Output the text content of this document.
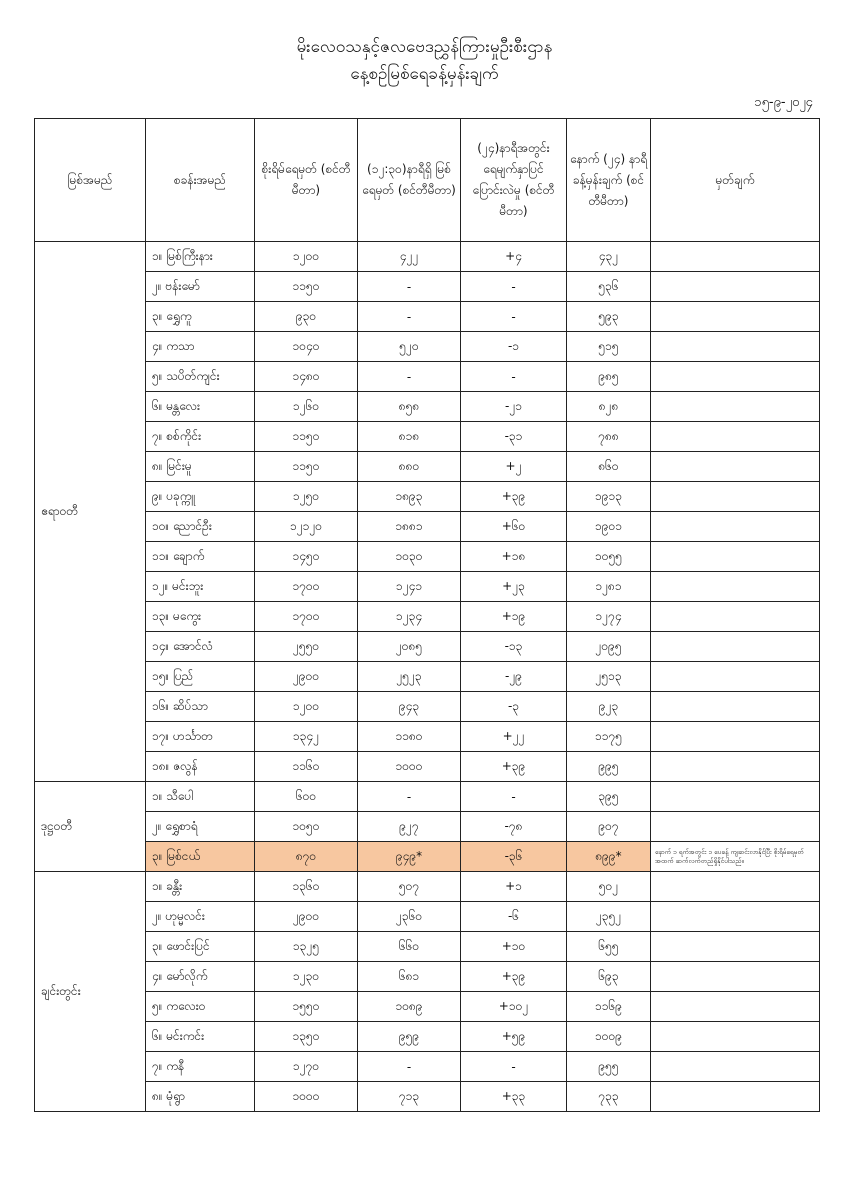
မိုးလေဝသနှင့်ဇလဗေဒညွှန်ကြားမှုဦးစီးဌာန
နေ့စဉ်မြစ်ရေခန့်မှန်းချက်
၁၅-၉-၂၀၂၄
မြစ်အမည်	စခန်းအမည်	စိုးရိမ်ရေမှတ် (စင်တီမီတာ)	(၁၂:၃၀)နာရီရှိ မြစ်ရေမှတ် (စင်တီမီတာ)	(၂၄)နာရီအတွင်း ရေမျက်နှာပြင် ပြောင်းလဲမှု (စင်တီမီတာ)	နောက် (၂၄) နာရီ ခန့်မှန်းချက် (စင်တီမီတာ)	မှတ်ချက်
ဧရာဝတီ	၁။ မြစ်ကြီးနား	၁၂၀၀	၄၂၂	+၄	၄၃၂	
	၂။ ဗန်းမော်	၁၁၅၀	-	-	၅၃၆	
	၃။ ရွှေကူ	၉၃၀	-	-	၅၉၃	
	၄။ ကသာ	၁၀၄၀	၅၂၀	-၁	၅၁၅	
	၅။ သပိတ်ကျင်း	၁၄၈၀	-	-	၉၈၅	
	၆။ မန္တလေး	၁၂၆၀	၈၅၈	-၂၁	၈၂၈	
	၇။ စစ်ကိုင်း	၁၁၅၀	၈၁၈	-၃၁	၇၈၈	
	၈။ မြင်းမူ	၁၁၅၀	၈၈၀	+၂	၈၆၀	
	၉။ ပခုက္ကူ	၁၂၅၀	၁၈၉၃	+၃၉	၁၉၁၃	
	၁၀။ ညောင်ဦး	၁၂၁၂၀	၁၈၈၁	+၆၀	၁၉၀၁	
	၁၁။ ချောက်	၁၄၅၀	၁၀၃၀	+၁၈	၁၀၅၅	
	၁၂။ မင်းဘူး	၁၇၀၀	၁၂၄၁	+၂၃	၁၂၈၁	
	၁၃။ မကွေး	၁၇၀၀	၁၂၃၄	+၁၉	၁၂၇၄	
	၁၄။ အောင်လံ	၂၅၅၀	၂၀၈၅	-၁၃	၂၀၉၅	
	၁၅။ ပြည်	၂၉၀၀	၂၅၂၃	-၂၉	၂၅၁၃	
	၁၆။ ဆိပ်သာ	၁၂၀၀	၉၄၃	-၃	၉၂၃	
	၁၇။ ဟင်္သာတ	၁၃၄၂	၁၁၈၀	+၂၂	၁၁၇၅	
	၁၈။ ဇလွန်	၁၁၆၀	၁၀၀၀	+၃၉	၉၉၅	
ဒုဋ္ဌဝတီ	၁။ သီပေါ	၆၀၀	-	-	၃၉၅	
	၂။ ရွှေစာရံ	၁၀၅၀	၉၂၇	-၇၈	၉၀၇	
	၃။ မြစ်ငယ်	၈၇၀	၉၄၉*	-၃၆	၈၉၉*	နောက် ၁ ရက်အတွင်း ၁ ပေခန့် ကျဆင်းလာနိုင်ပြီး စိုးရိမ်ရေမှတ်အထက် ဆက်လက်တည်ရှိနိုင်ပါသည်။
ချင်းတွင်း	၁။ ခန္တီး	၁၃၆၀	၅၀၇	+၁	၅၀၂	
	၂။ ဟုမ္မလင်း	၂၉၀၀	၂၃၆၀	-၆	၂၃၅၂	
	၃။ ဖောင်းပြင်	၁၃၂၅	၆၆၀	+၁၀	၆၅၅	
	၄။ မော်လိုက်	၁၂၃၀	၆၈၁	+၃၉	၆၉၃	
	၅။ ကလေးဝ	၁၅၅၀	၁၀၈၉	+၁၀၂	၁၁၆၉	
	၆။ မင်းကင်း	၁၃၅၀	၉၅၉	+၅၉	၁၀၀၉	
	၇။ ကနီ	၁၂၇၀	-	-	၉၅၅	
	၈။ မုံရွာ	၁၀၀၀	၇၁၃	+၃၃	၇၃၃	
